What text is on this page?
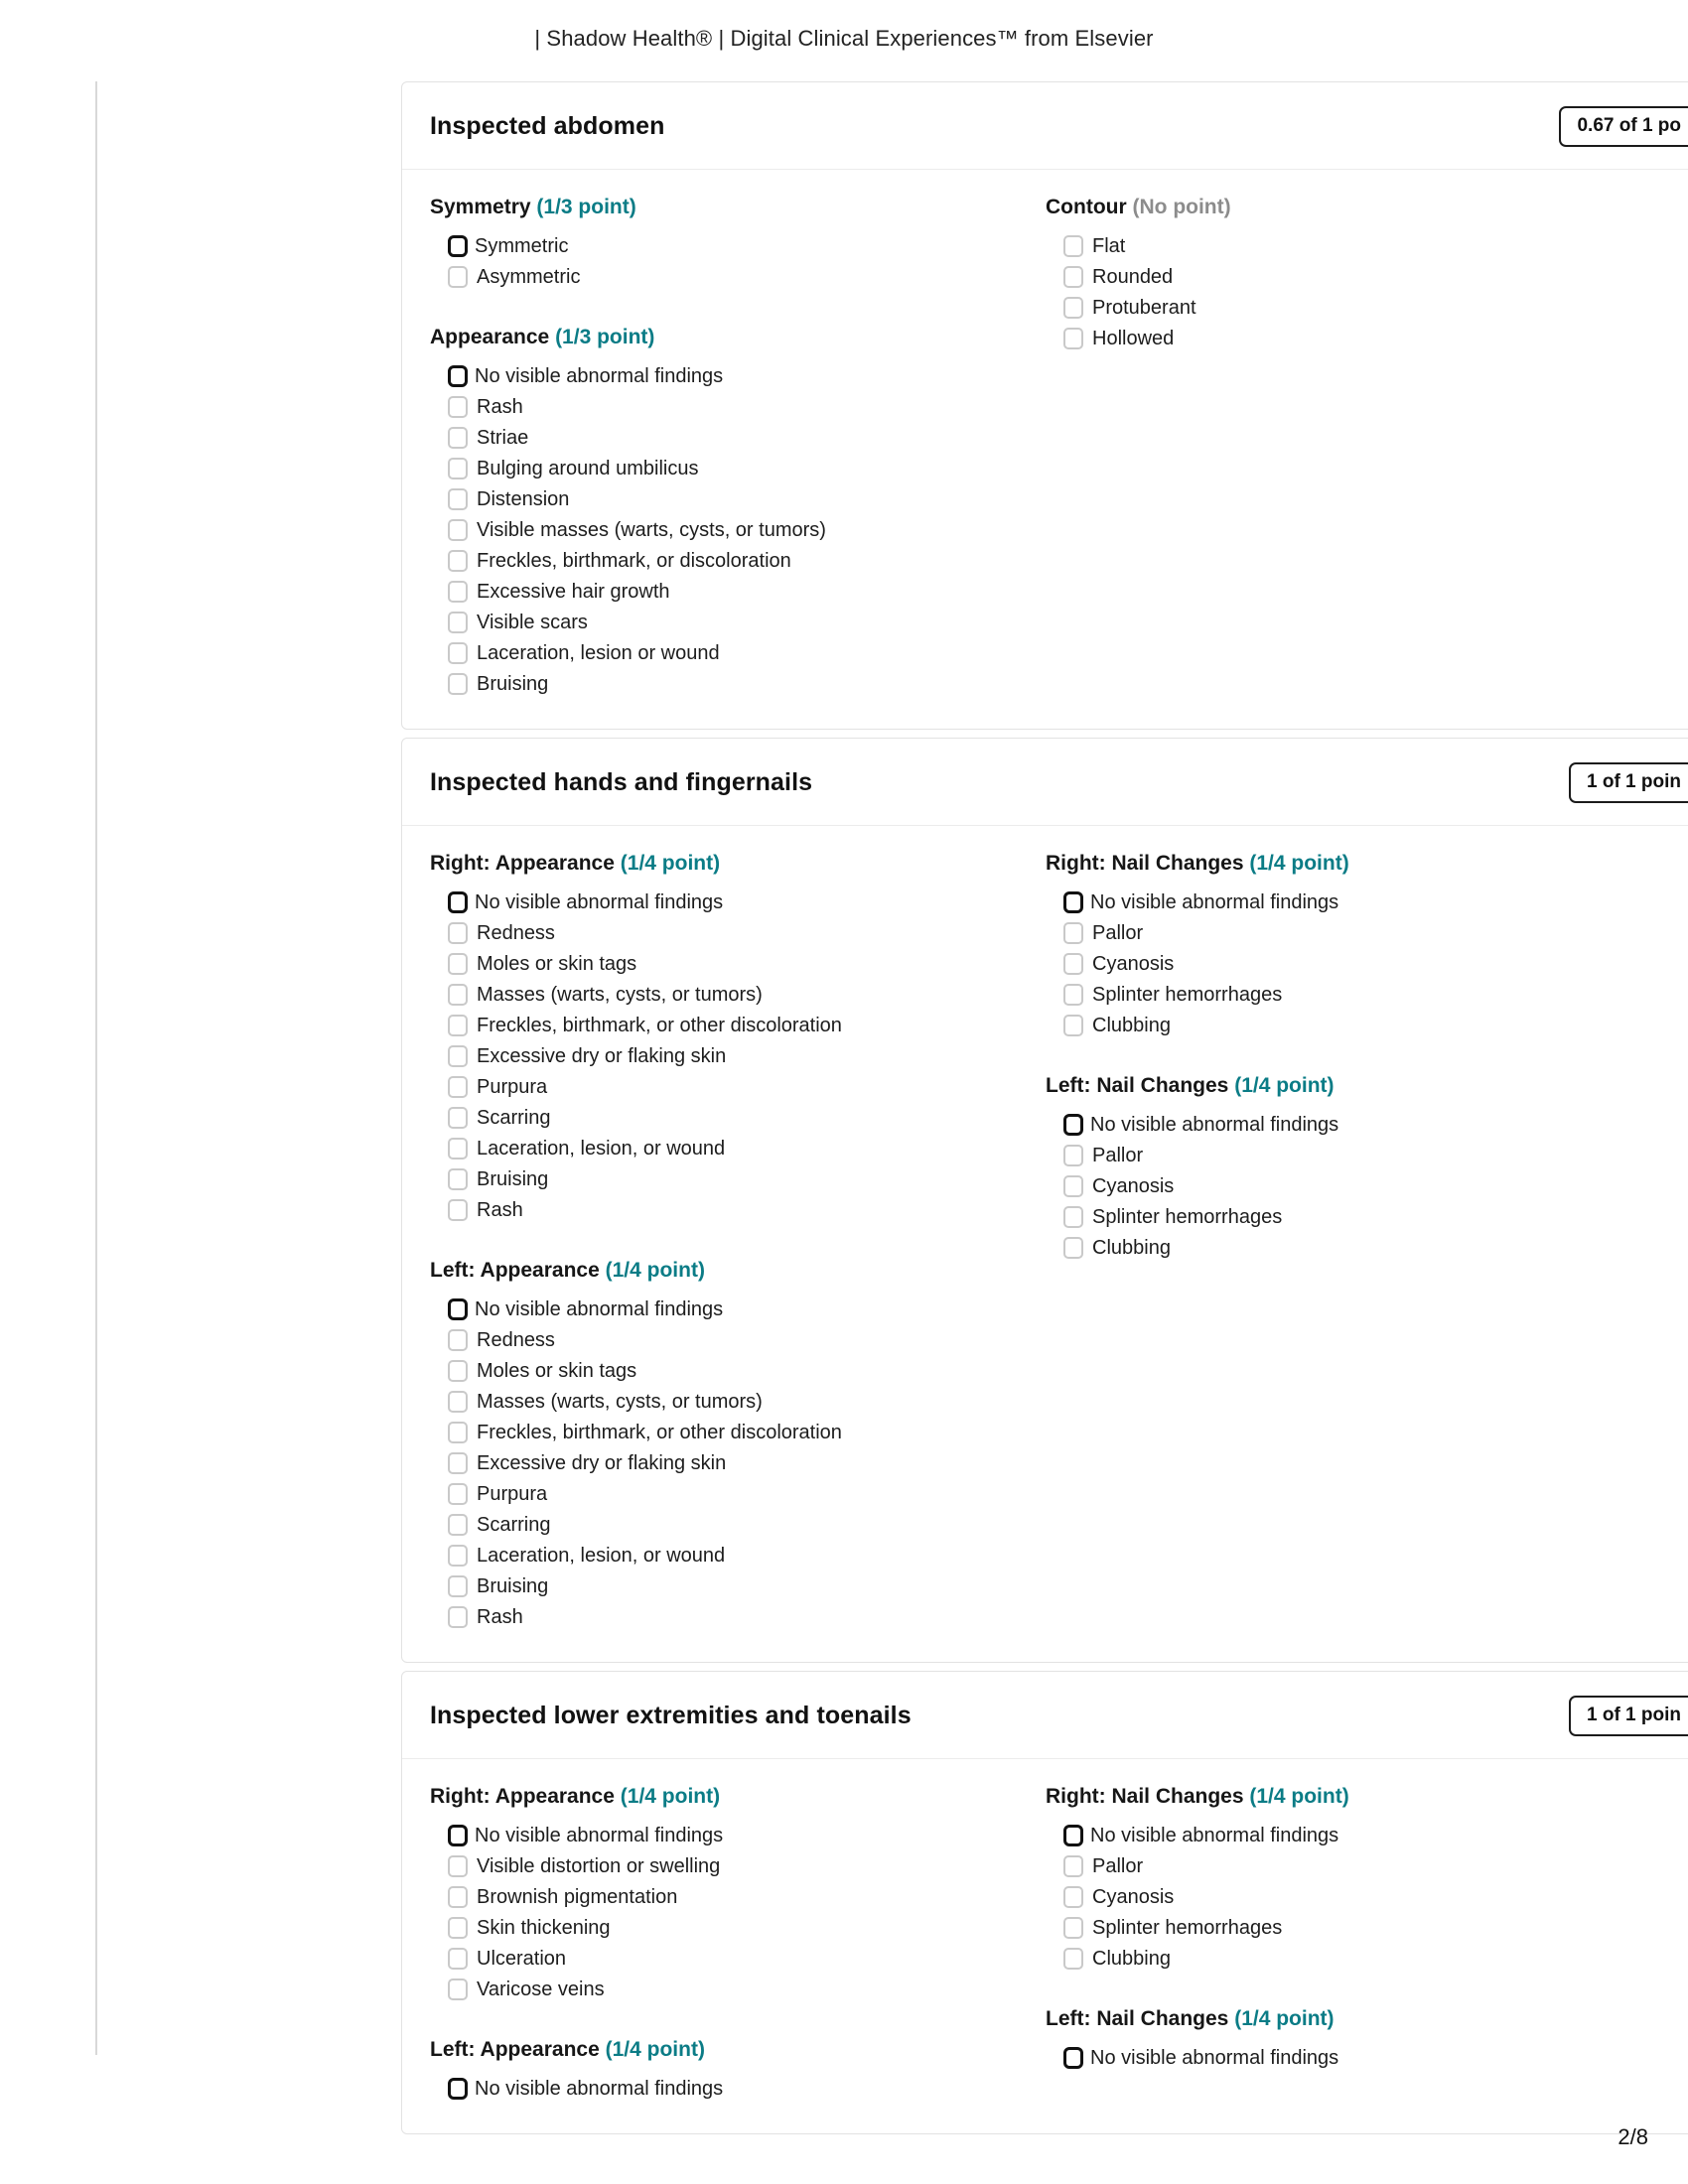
| Shadow Health® | Digital Clinical Experiences™ from Elsevier
Inspected abdomen	0.67 of 1 po
Symmetry (1/3 point)
Symmetric
Asymmetric
Appearance (1/3 point)
No visible abnormal findings
Rash
Striae
Bulging around umbilicus
Distension
Visible masses (warts, cysts, or tumors)
Freckles, birthmark, or discoloration
Excessive hair growth
Visible scars
Laceration, lesion or wound
Bruising
Contour (No point)
Flat
Rounded
Protuberant
Hollowed
Inspected hands and fingernails	1 of 1 poin
Right: Appearance (1/4 point)
No visible abnormal findings
Redness
Moles or skin tags
Masses (warts, cysts, or tumors)
Freckles, birthmark, or other discoloration
Excessive dry or flaking skin
Purpura
Scarring
Laceration, lesion, or wound
Bruising
Rash
Left: Appearance (1/4 point)
No visible abnormal findings
Redness
Moles or skin tags
Masses (warts, cysts, or tumors)
Freckles, birthmark, or other discoloration
Excessive dry or flaking skin
Purpura
Scarring
Laceration, lesion, or wound
Bruising
Rash
Right: Nail Changes (1/4 point)
No visible abnormal findings
Pallor
Cyanosis
Splinter hemorrhages
Clubbing
Left: Nail Changes (1/4 point)
No visible abnormal findings
Pallor
Cyanosis
Splinter hemorrhages
Clubbing
Inspected lower extremities and toenails	1 of 1 poin
Right: Appearance (1/4 point)
No visible abnormal findings
Visible distortion or swelling
Brownish pigmentation
Skin thickening
Ulceration
Varicose veins
Left: Appearance (1/4 point)
No visible abnormal findings
Right: Nail Changes (1/4 point)
No visible abnormal findings
Pallor
Cyanosis
Splinter hemorrhages
Clubbing
Left: Nail Changes (1/4 point)
No visible abnormal findings
2/8
